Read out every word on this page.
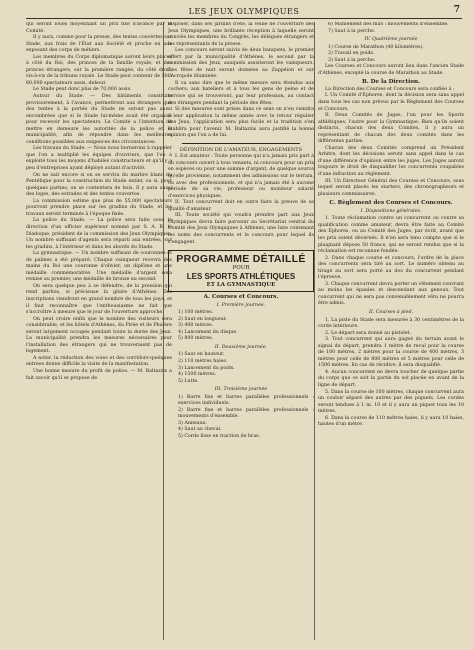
LES JEUX OLYMPIQUES	7

qui seront loués moyennant un prix fixé d'avance par le Comité.

Il y aura, comme pour la presse, des tentes couvertes sur Stade, aux frais de l'État aux Société et proche en aux exposant des corps de métiers.

Les membres du Corps diplomatique auront leurs places à côté du Roi, des princes de la famille royale, et des princes étrangers, sur la première rangée, du côté droit, vis-à-vis de la tribune royale. Le Stade peut contenir de 50 à 60,000 spectateurs assis, debout.

Le Stade peut donc plus de 70,000 assis.

Autour du Stade. — Des bâtiments construits provisoirement, à l'avance, permettront aux étrangers que des tentes à la portée du Stade ne seront pas aussi encombrées que si le Stade lui-même avait été organisé pour recevoir les spectateurs. Le Comité a l'intention de mettre en demeure les autorités de la police et la municipalité, afin de répondre dans les meilleures conditions possibles aux exigences des circonstances.

Les travaux du Stade. — Nous nous bornerons à rappeler que l'on a multiplié les équipes d'ouvriers, que l'on a exploité tous les moyens d'habiles constructeurs et qu'il y a peu d'entreprises ayant déployé autant d'activité.

On ne sait encore si on se servira du marbre blanc du Pentélique pour la construction du Stade entier, ou si, pour quelques parties, on se contentera de bois. Il y aura aussi des loges, des estrades et des tentes couvertes.

La commission estime que plus de 55,000 spectateurs pourront prendre place sur les gradins du Stade, et les travaux seront terminés à l'époque fixée.

La police du Stade. — La police sera faite sous la direction d'un officier supérieur nommé par S. A. R. le Diadoque, président de la commission des Jeux Olympiques. Un nombre suffisant d'agents sera réparti aux entrées, sur les gradins, à l'intérieur et dans les abords du Stade.

La gymnastique. — Un nombre suffisant de couronnes et de palmes a été préparé. Chaque vainqueur recevra des mains du Roi une couronne d'olivier, un diplôme et une médaille commémorative. Une médaille d'argent sera remise au premier, une médaille de bronze au second.

On sera quelque peu à se défendre, de la pression qui rend parfois, si précieuse la gloire d'Athènes. Des inscriptions viendront en grand nombre de tous les pays, et il faut reconnaître que l'enthousiasme ne fait que s'accroître à mesure que le jour de l'ouverture approche.

On peut croire enfin que le nombre des visiteurs sera considérable, et les hôtels d'Athènes, du Pirée et de Phalère seront largement occupés pendant toute la durée des Jeux. La municipalité prendra les mesures nécessaires pour l'installation des étrangers qui ne trouveraient pas de logement.

A noter, la réduction des voies et des corridors-quelques entrées donne difficile la visite de la manifestation.

Une bonne mesure du profit de police. — M. Baltazzis a fait savoir qu'il se propose de

disposer, dans ses jardins d'été, la veille de l'ouverture des Jeux Olympiques, une brillante réception à laquelle seront conviés les membres du Congrès, les délégués étrangers et les représentants de la presse.

Les concours seront suivis de deux banquets, le premier offert par la municipalité d'Athènes, le second par la commission des Jeux, auxquels assisteront les vainqueurs. Des fêtes de nuit seront données au Zappéion et sur l'Acropole illuminée.

Il va sans dire que le même mesure sera étendue aux cochers, aux bateliers et à tous les gens de peine et de service qui se trouveront, par leur profession, au contact des étrangers pendant la période des fêtes.

Si des mesures sont prises dans ce sens on n'en viendra à leur application la même année avec le retour régulier des Jeux, l'application sera plus facile et la tradition s'en établira pour l'avenir. M. Baltazzis aura justifié la bonne opinion que l'on a de lui.

DÉFINITION DE L'AMATEUR, ENGAGEMENTS

I. Est amateur : Toute personne qui n'a jamais pris part à un concours ouvert à tous venants, ni concouru pour un prix en espèces ou pour une somme d'argent, de quelque source qu'elle provienne, notamment des admissions sur le terrain, ou avec des professionnels, et qui n'a jamais été à aucune période de sa vie, professeur ou moniteur salarié d'exercices physiques.

II. Tout concurrent doit en outre faire la preuve de sa qualité d'amateur.

III. Toute société qui voudra prendre part aux Jeux Olympiques devra faire parvenir au Secrétariat central du Comité des Jeux Olympiques à Athènes, une liste contenant les noms des concurrents et le concours pour lequel ils s'engagent.

PROGRAMME DÉTAILLÉ
POUR
LES SPORTS ATHLÉTIQUES
ET LA GYMNASTIQUE

A. Courses et Concours.

I. Première journée.

1) 100 mètres.

2) Saut en longueur.

3) 400 mètres.

4) Lancement du disque.

5) 800 mètres.

II. Deuxième journée.

1) Saut en hauteur.

2) 110 mètres haies.

3) Lancement du poids.

4) 1500 mètres.

5) Lutte.

III. Troisième journée

1) Barre fixe et barres parallèles professionnels : exercices individuels.

2) Barre fixe et barres parallèles professionnels : mouvements d'ensemble.

3) Anneaux.

4) Saut au cheval.

5) Corde lisse en traction de bras.

6) Maniement des mils : mouvements d'ensemble.

7) Saut à la perche.

IV. Quatrième journée

1) Course de Marathon (40 kilomètres).

2) Travail en poids.

3) Saut à la perche.

Les Courses et Concours auront lieu dans l'ancien Stade d'Athènes, excepté la course de Marathon au Stade.

B. De la Direction.

La Direction des Courses et Concours sera confiée à :

I. Un Comité d'Éphores, dont la décision sera sans appel dans tous les cas non prévus par le Règlement des Courses et Concours.

II. Deux Comités de Juges, l'un pour les Sports athlétiques, l'autre pour la Gymnastique. Bien qu'ils soient distincts, chacun des deux Comités, il y aura un représentant de chacun des deux comités dans les différentes parties.

Chacun des deux Comités comprend un Président Arbitre, dont les décisions seront sans appel dans le cas d'une différence d'opinion entre les juges. Les Juges auront toujours le droit de disqualifier les concurrents coupables d'une infraction au règlement.

III. Un Directeur Général des Courses et Concours, sous lequel seront placés les starters, des chronographeurs et plusieurs commissaires.

C. Règlement des Courses et Concours.

I. Dispositions générales.

1. Toute réclamation contre un concurrent ou contre sa qualification comme amateur, devra être faite au Comité des Éphores, ou au Comité des Juges, par écrit, avant que les prix soient décernés. Il n'en sera tenu compte que si le plaignant dépose 50 francs, qui ne seront rendus que si la réclamation est reconnue fondée.

2. Dans chaque course et concours, l'ordre de la place des concurrents sera tiré au sort. Le numéro obtenu au tirage au sort sera porté au dos du concurrent pendant l'épreuve.

3. Chaque concurrent devra porter un vêtement couvrant au moins les épaules et descendant aux genoux. Tout concurrent qui ne sera pas convenablement vêtu ne pourra être admis.

II. Courses à pied.

1. La piste du Stade sera mesurée à 30 centimètres de la corde intérieure.

2. Le départ sera donné au pistolet.

3. Tout concurrent qui aura gagné du terrain avant le signal du départ, prendra 1 mètre de recul pour la course de 100 mètres, 2 mètres pour la course de 400 mètres, 3 mètres pour celle de 800 mètres et 5 mètres pour celle de 1500 mètres. En cas de récidive, il sera disqualifié.

4. Aucun concurrent ne devra toucher de quelque partie du corps que ce soit la partie du sol placée en avant de la ligne de départ.

5. Dans la course de 100 mètres, chaque concurrent aura un couloir séparé des autres par des piquets. Les cordes seront tendues à 1 m. 10 et il y aura un piquet tous les 10 mètres.

6. Dans la course de 110 mètres haies, il y aura 10 haies, hautes d'un mètre.
